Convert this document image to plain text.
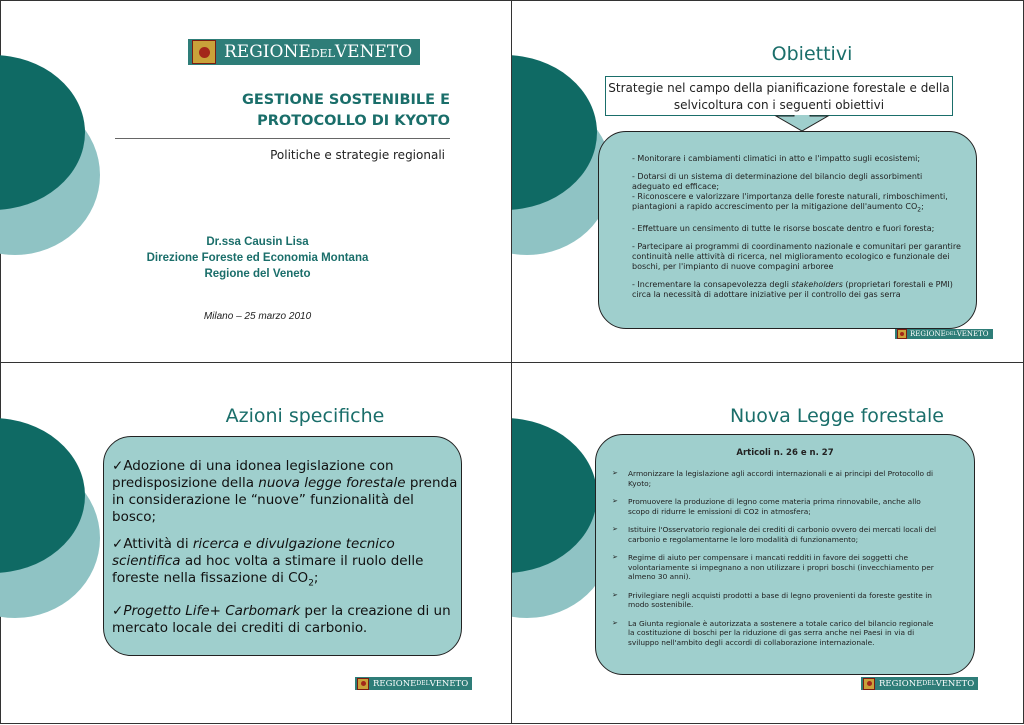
REGIONE DEL VENETO
GESTIONE SOSTENIBILE E
PROTOCOLLO DI KYOTO
Politiche e strategie regionali
Dr.ssa Causin Lisa
Direzione Foreste ed Economia Montana
Regione del Veneto
Milano – 25 marzo 2010
Obiettivi
Strategie nel campo della pianificazione forestale e della selvicoltura con i seguenti obiettivi
- Monitorare i cambiamenti climatici in atto e l'impatto sugli ecosistemi;
- Dotarsi di un sistema di determinazione del bilancio degli assorbimenti adeguato ed efficace;
- Riconoscere e valorizzare l'importanza delle foreste naturali, rimboschimenti, piantagioni a rapido accrescimento per la mitigazione dell'aumento $CO_2$;
- Effettuare un censimento di tutte le risorse boscate dentro e fuori foresta;
- Partecipare ai programmi di coordinamento nazionale e comunitari per garantire continuità nelle attività di ricerca, nel miglioramento ecologico e funzionale dei boschi, per l'impianto di nuove compagini arboree
- Incrementare la consapevolezza degli stakeholders (proprietari forestali e PMI) circa la necessità di adottare iniziative per il controllo dei gas serra
REGIONE DEL VENETO
Azioni specifiche
✓Adozione di una idonea legislazione con predisposizione della nuova legge forestale prenda in considerazione le “nuove” funzionalità del bosco;
✓Attività di ricerca e divulgazione tecnico scientifica ad hoc volta a stimare il ruolo delle foreste nella fissazione di $CO_2$;
✓Progetto Life+ Carbomark per la creazione di un mercato locale dei crediti di carbonio.
REGIONE DEL VENETO
Nuova Legge forestale
Articoli n. 26 e n. 27
➢ Armonizzare la legislazione agli accordi internazionali e ai principi del Protocollo di Kyoto;
➢ Promuovere la produzione di legno come materia prima rinnovabile, anche allo scopo di ridurre le emissioni di CO2 in atmosfera;
➢ Istituire l'Osservatorio regionale dei crediti di carbonio ovvero dei mercati locali del carbonio e regolamentarne le loro modalità di funzionamento;
➢ Regime di aiuto per compensare i mancati redditi in favore dei soggetti che volontariamente si impegnano a non utilizzare i propri boschi (invecchiamento per almeno 30 anni).
➢ Privilegiare negli acquisti prodotti a base di legno provenienti da foreste gestite in modo sostenibile.
➢ La Giunta regionale è autorizzata a sostenere a totale carico del bilancio regionale la costituzione di boschi per la riduzione di gas serra anche nei Paesi in via di sviluppo nell'ambito degli accordi di collaborazione internazionale.
REGIONE DEL VENETO
